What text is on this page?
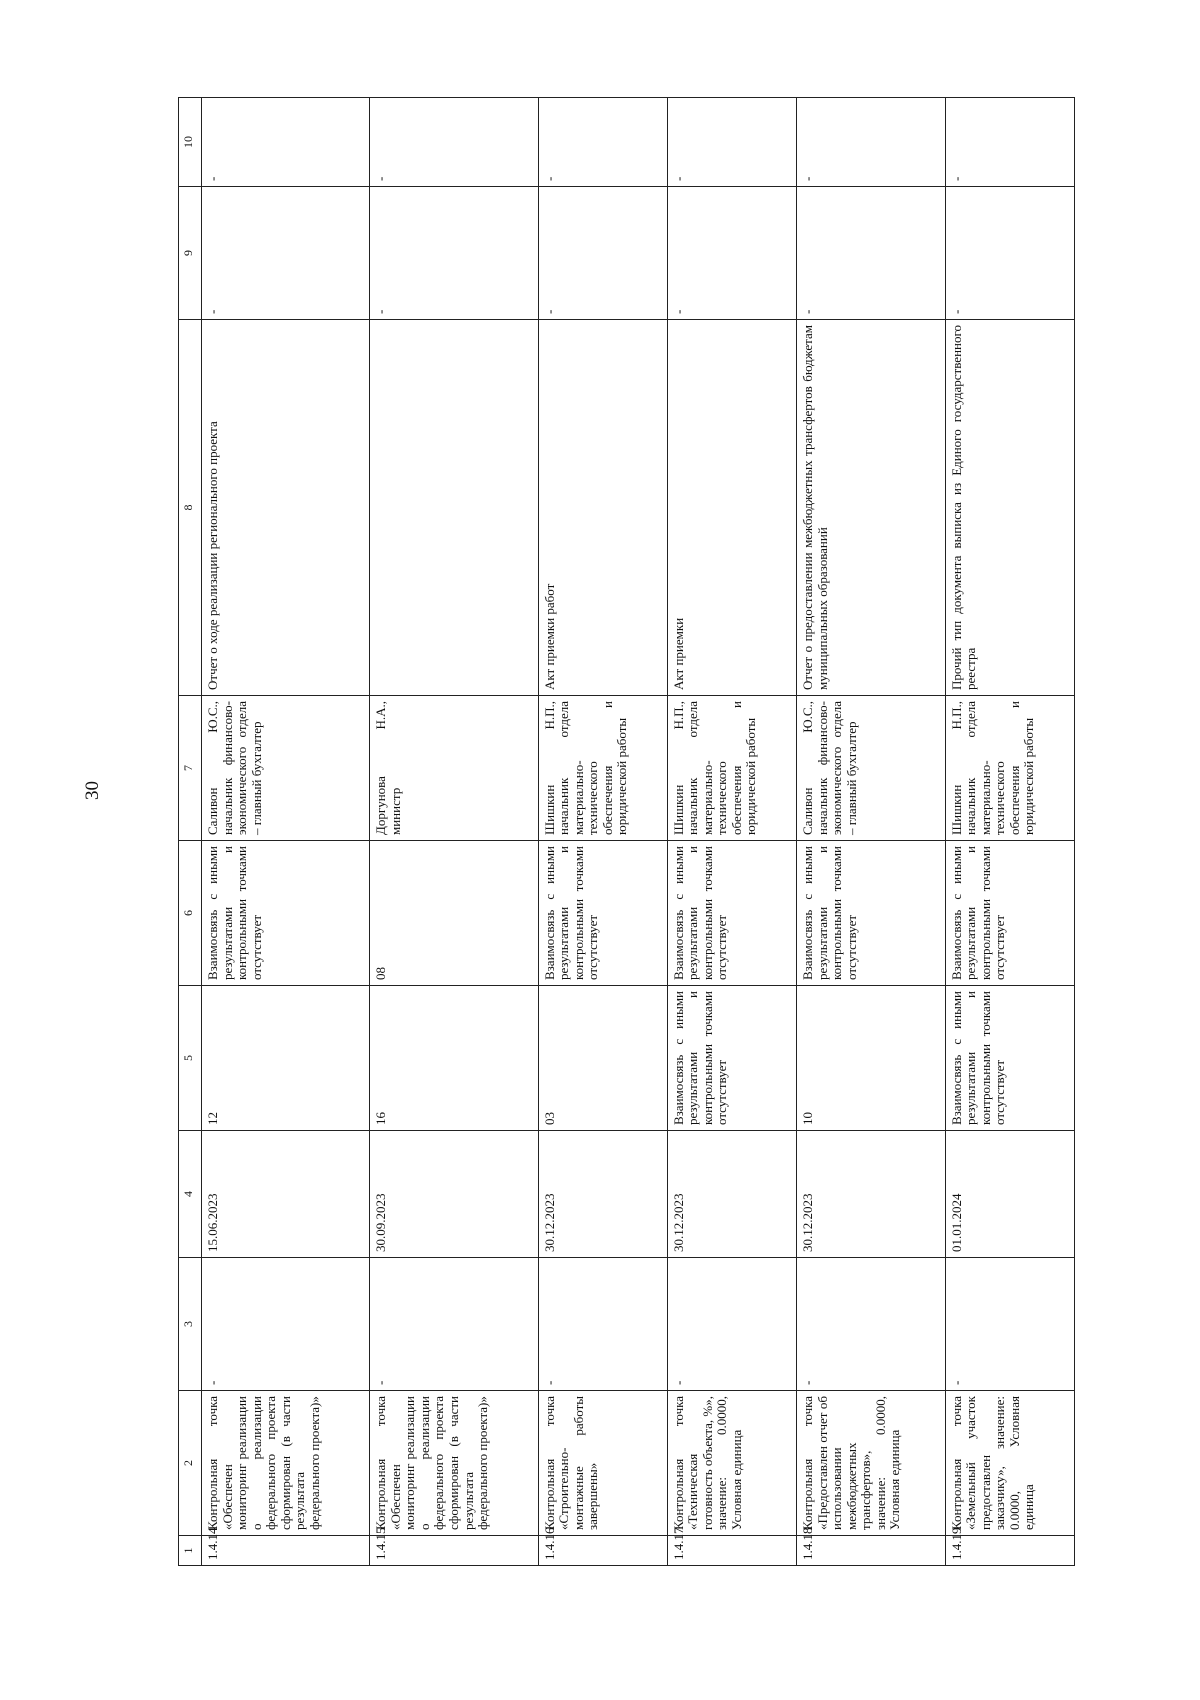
30
1	2	3	4	5	6	7	8	9	10
1.4.14	Контрольная точка «Обеспечен мониторинг реализации о реализации федерального проекта сформирован (в части результата федерального проекта)»	-	15.06.2023	12	Взаимосвязь с иными результатами и контрольными точками отсутствует	Саливон Ю.С., начальник финансово-экономического отдела – главный бухгалтер	Отчет о ходе реализации регионального проекта	-	-
1.4.15	Контрольная точка «Обеспечен мониторинг реализации о реализации федерального проекта сформирован (в части результата федерального проекта)»	-	30.09.2023	16	08	Доргунова Н.А., министр		-	-
1.4.16	Контрольная точка «Строительно-монтажные работы завершены»	-	30.12.2023	03	Взаимосвязь с иными результатами и контрольными точками отсутствует	Шишкин Н.П., начальник отдела материально-технического обеспечения и юридической работы	Акт приемки работ	-	-
1.4.17	Контрольная точка «Техническая готовность объекта, %», значение: 0.0000, Условная единица	-	30.12.2023	Взаимосвязь с иными результатами и контрольными точками отсутствует	Взаимосвязь с иными результатами и контрольными точками отсутствует	Шишкин Н.П., начальник отдела материально-технического обеспечения и юридической работы	Акт приемки	-	-
1.4.18	Контрольная точка «Предоставлен отчет об использовании межбюджетных трансфертов», значение: 0.0000, Условная единица	-	30.12.2023	10	Взаимосвязь с иными результатами и контрольными точками отсутствует	Саливон Ю.С., начальник финансово-экономического отдела – главный бухгалтер	Отчет о предоставлении межбюджетных трансфертов бюджетам муниципальных образований	-	-
1.4.19	Контрольная точка «Земельный участок предоставлен заказчику», значение: 0.0000, Условная единица	-	01.01.2024	Взаимосвязь с иными результатами и контрольными точками отсутствует	Взаимосвязь с иными результатами и контрольными точками отсутствует	Шишкин Н.П., начальник отдела материально-технического обеспечения и юридической работы	Прочий тип документа выписка из Единого государственного реестра	-	-
